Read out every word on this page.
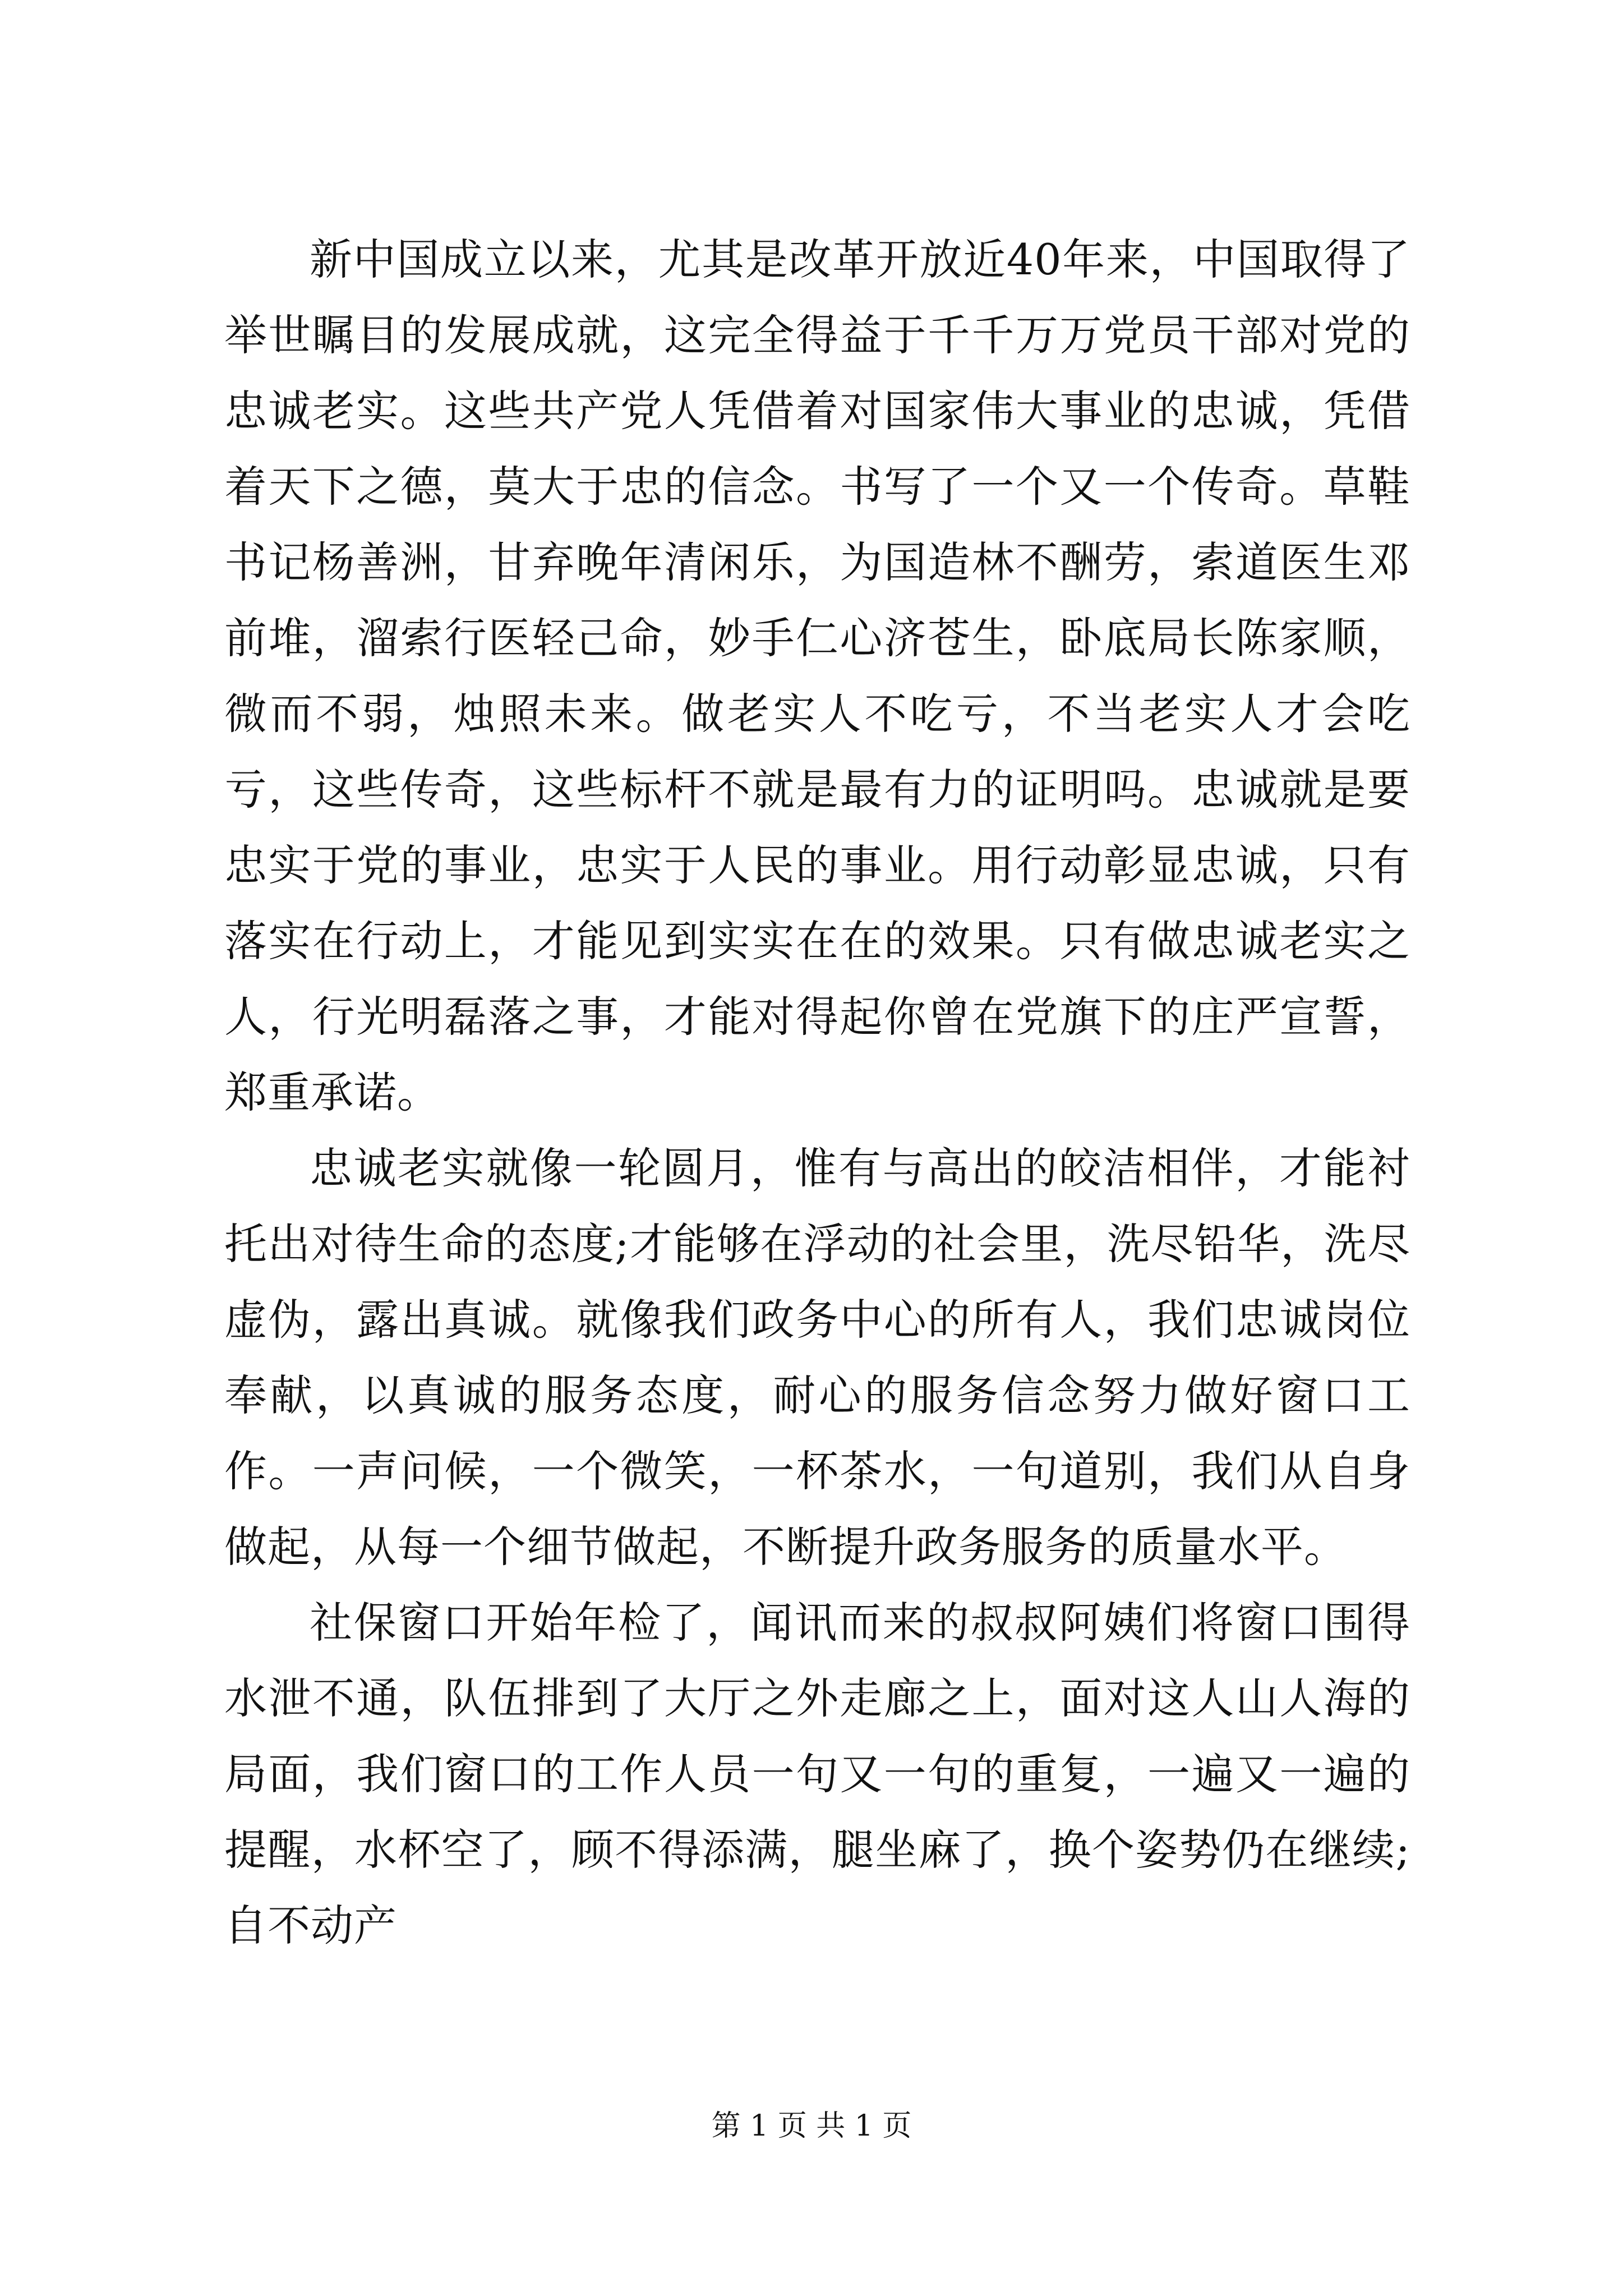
新中国成立以来，尤其是改革开放近40年来，中国取得了举世瞩目的发展成就，这完全得益于千千万万党员干部对党的忠诚老实。这些共产党人凭借着对国家伟大事业的忠诚，凭借着天下之德，莫大于忠的信念。书写了一个又一个传奇。草鞋书记杨善洲，甘弃晚年清闲乐，为国造林不酬劳，索道医生邓前堆，溜索行医轻己命，妙手仁心济苍生，卧底局长陈家顺，微而不弱，烛照未来。做老实人不吃亏，不当老实人才会吃亏，这些传奇，这些标杆不就是最有力的证明吗。忠诚就是要忠实于党的事业，忠实于人民的事业。用行动彰显忠诚，只有落实在行动上，才能见到实实在在的效果。只有做忠诚老实之人，行光明磊落之事，才能对得起你曾在党旗下的庄严宣誓，郑重承诺。

忠诚老实就像一轮圆月，惟有与高出的皎洁相伴，才能衬托出对待生命的态度;才能够在浮动的社会里，洗尽铅华，洗尽虚伪，露出真诚。就像我们政务中心的所有人，我们忠诚岗位奉献，以真诚的服务态度，耐心的服务信念努力做好窗口工作。一声问候，一个微笑，一杯茶水，一句道别，我们从自身做起，从每一个细节做起，不断提升政务服务的质量水平。

社保窗口开始年检了，闻讯而来的叔叔阿姨们将窗口围得水泄不通，队伍排到了大厅之外走廊之上，面对这人山人海的局面，我们窗口的工作人员一句又一句的重复，一遍又一遍的提醒，水杯空了，顾不得添满，腿坐麻了，换个姿势仍在继续;自不动产

第 1 页 共 1 页
